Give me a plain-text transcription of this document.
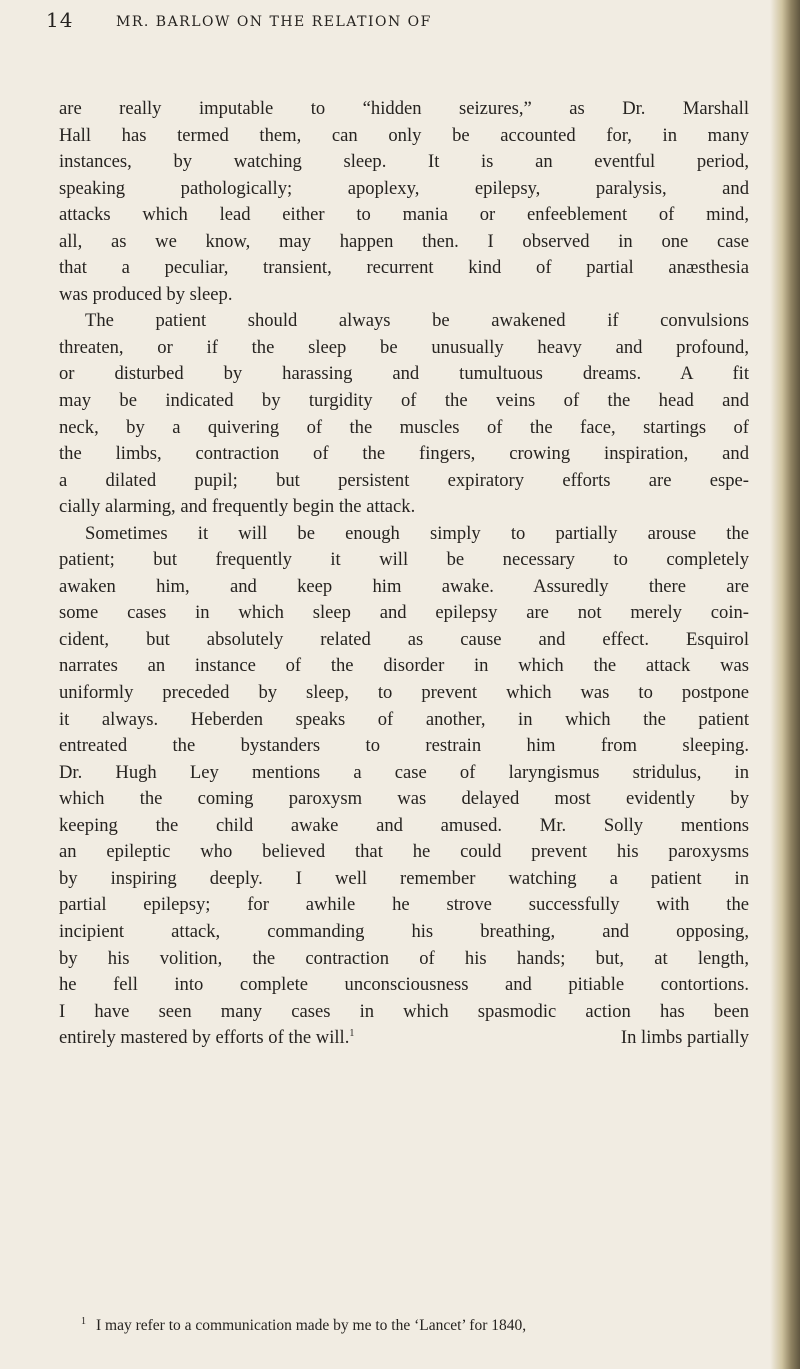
14	MR. BARLOW ON THE RELATION OF
are really imputable to “hidden seizures,” as Dr. Marshall
Hall has termed them, can only be accounted for, in many
instances, by watching sleep. It is an eventful period,
speaking pathologically; apoplexy, epilepsy, paralysis, and
attacks which lead either to mania or enfeeblement of mind,
all, as we know, may happen then. I observed in one case
that a peculiar, transient, recurrent kind of partial anæsthesia
was produced by sleep.
The patient should always be awakened if convulsions
threaten, or if the sleep be unusually heavy and profound,
or disturbed by harassing and tumultuous dreams. A fit
may be indicated by turgidity of the veins of the head and
neck, by a quivering of the muscles of the face, startings of
the limbs, contraction of the fingers, crowing inspiration, and
a dilated pupil; but persistent expiratory efforts are espe-
cially alarming, and frequently begin the attack.
Sometimes it will be enough simply to partially arouse the
patient; but frequently it will be necessary to completely
awaken him, and keep him awake. Assuredly there are
some cases in which sleep and epilepsy are not merely coin-
cident, but absolutely related as cause and effect. Esquirol
narrates an instance of the disorder in which the attack was
uniformly preceded by sleep, to prevent which was to postpone
it always. Heberden speaks of another, in which the patient
entreated the bystanders to restrain him from sleeping.
Dr. Hugh Ley mentions a case of laryngismus stridulus, in
which the coming paroxysm was delayed most evidently by
keeping the child awake and amused. Mr. Solly mentions
an epileptic who believed that he could prevent his paroxysms
by inspiring deeply. I well remember watching a patient in
partial epilepsy; for awhile he strove successfully with the
incipient attack, commanding his breathing, and opposing,
by his volition, the contraction of his hands; but, at length,
he fell into complete unconsciousness and pitiable contortions.
I have seen many cases in which spasmodic action has been
entirely mastered by efforts of the will.$^1$	In limbs partially
$^1$ I may refer to a communication made by me to the ‘Lancet’ for 1840,
